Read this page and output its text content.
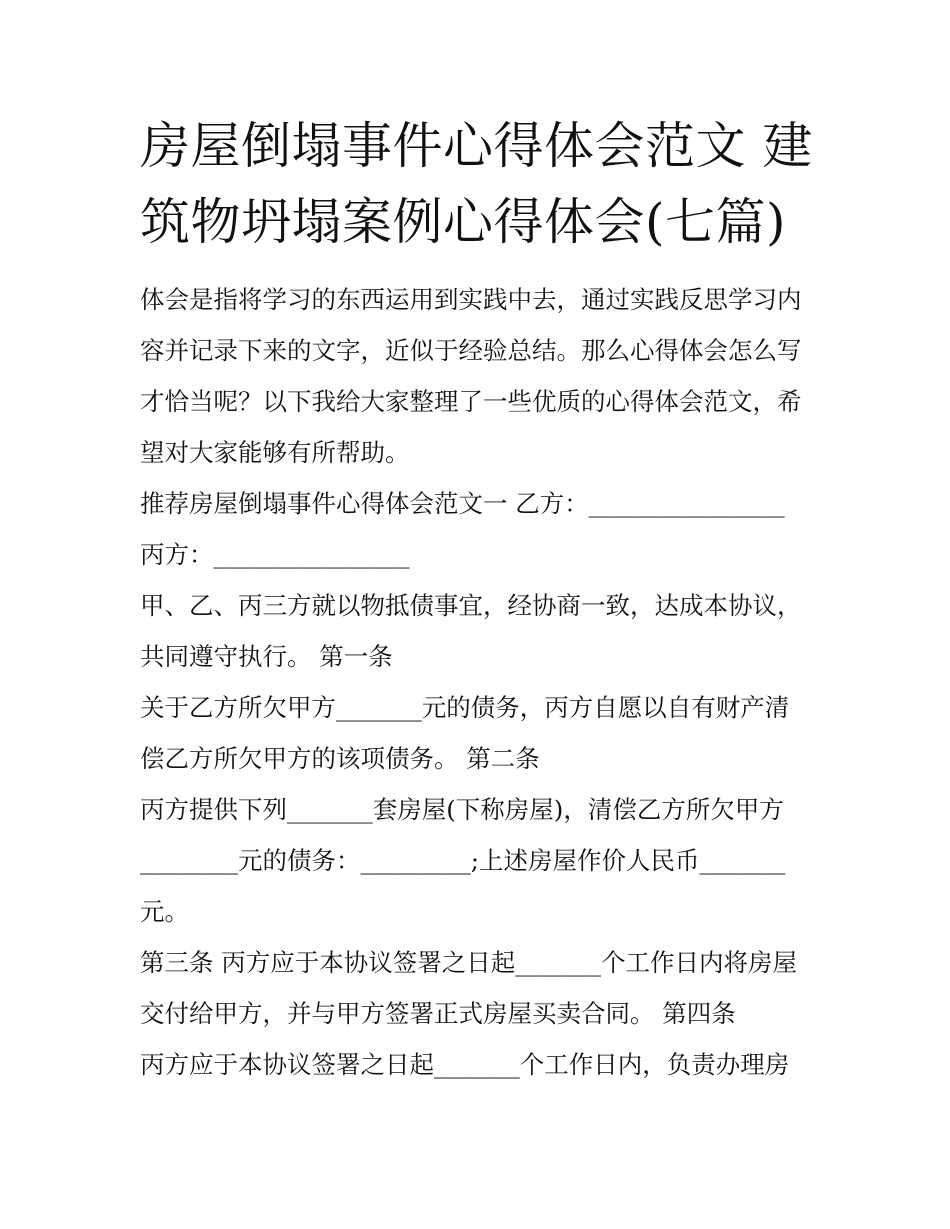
房屋倒塌事件心得体会范文 建
筑物坍塌案例心得体会(七篇)
体会是指将学习的东西运用到实践中去，通过实践反思学习内
容并记录下来的文字，近似于经验总结。那么心得体会怎么写
才恰当呢？以下我给大家整理了一些优质的心得体会范文，希
望对大家能够有所帮助。
推荐房屋倒塌事件心得体会范文一 乙方：________________
丙方：________________
甲、乙、丙三方就以物抵债事宜，经协商一致，达成本协议，
共同遵守执行。 第一条
关于乙方所欠甲方_______元的债务，丙方自愿以自有财产清
偿乙方所欠甲方的该项债务。 第二条
丙方提供下列_______套房屋(下称房屋)，清偿乙方所欠甲方
________元的债务：_________;上述房屋作价人民币_______
元。
第三条 丙方应于本协议签署之日起_______个工作日内将房屋
交付给甲方，并与甲方签署正式房屋买卖合同。 第四条
丙方应于本协议签署之日起_______个工作日内，负责办理房
